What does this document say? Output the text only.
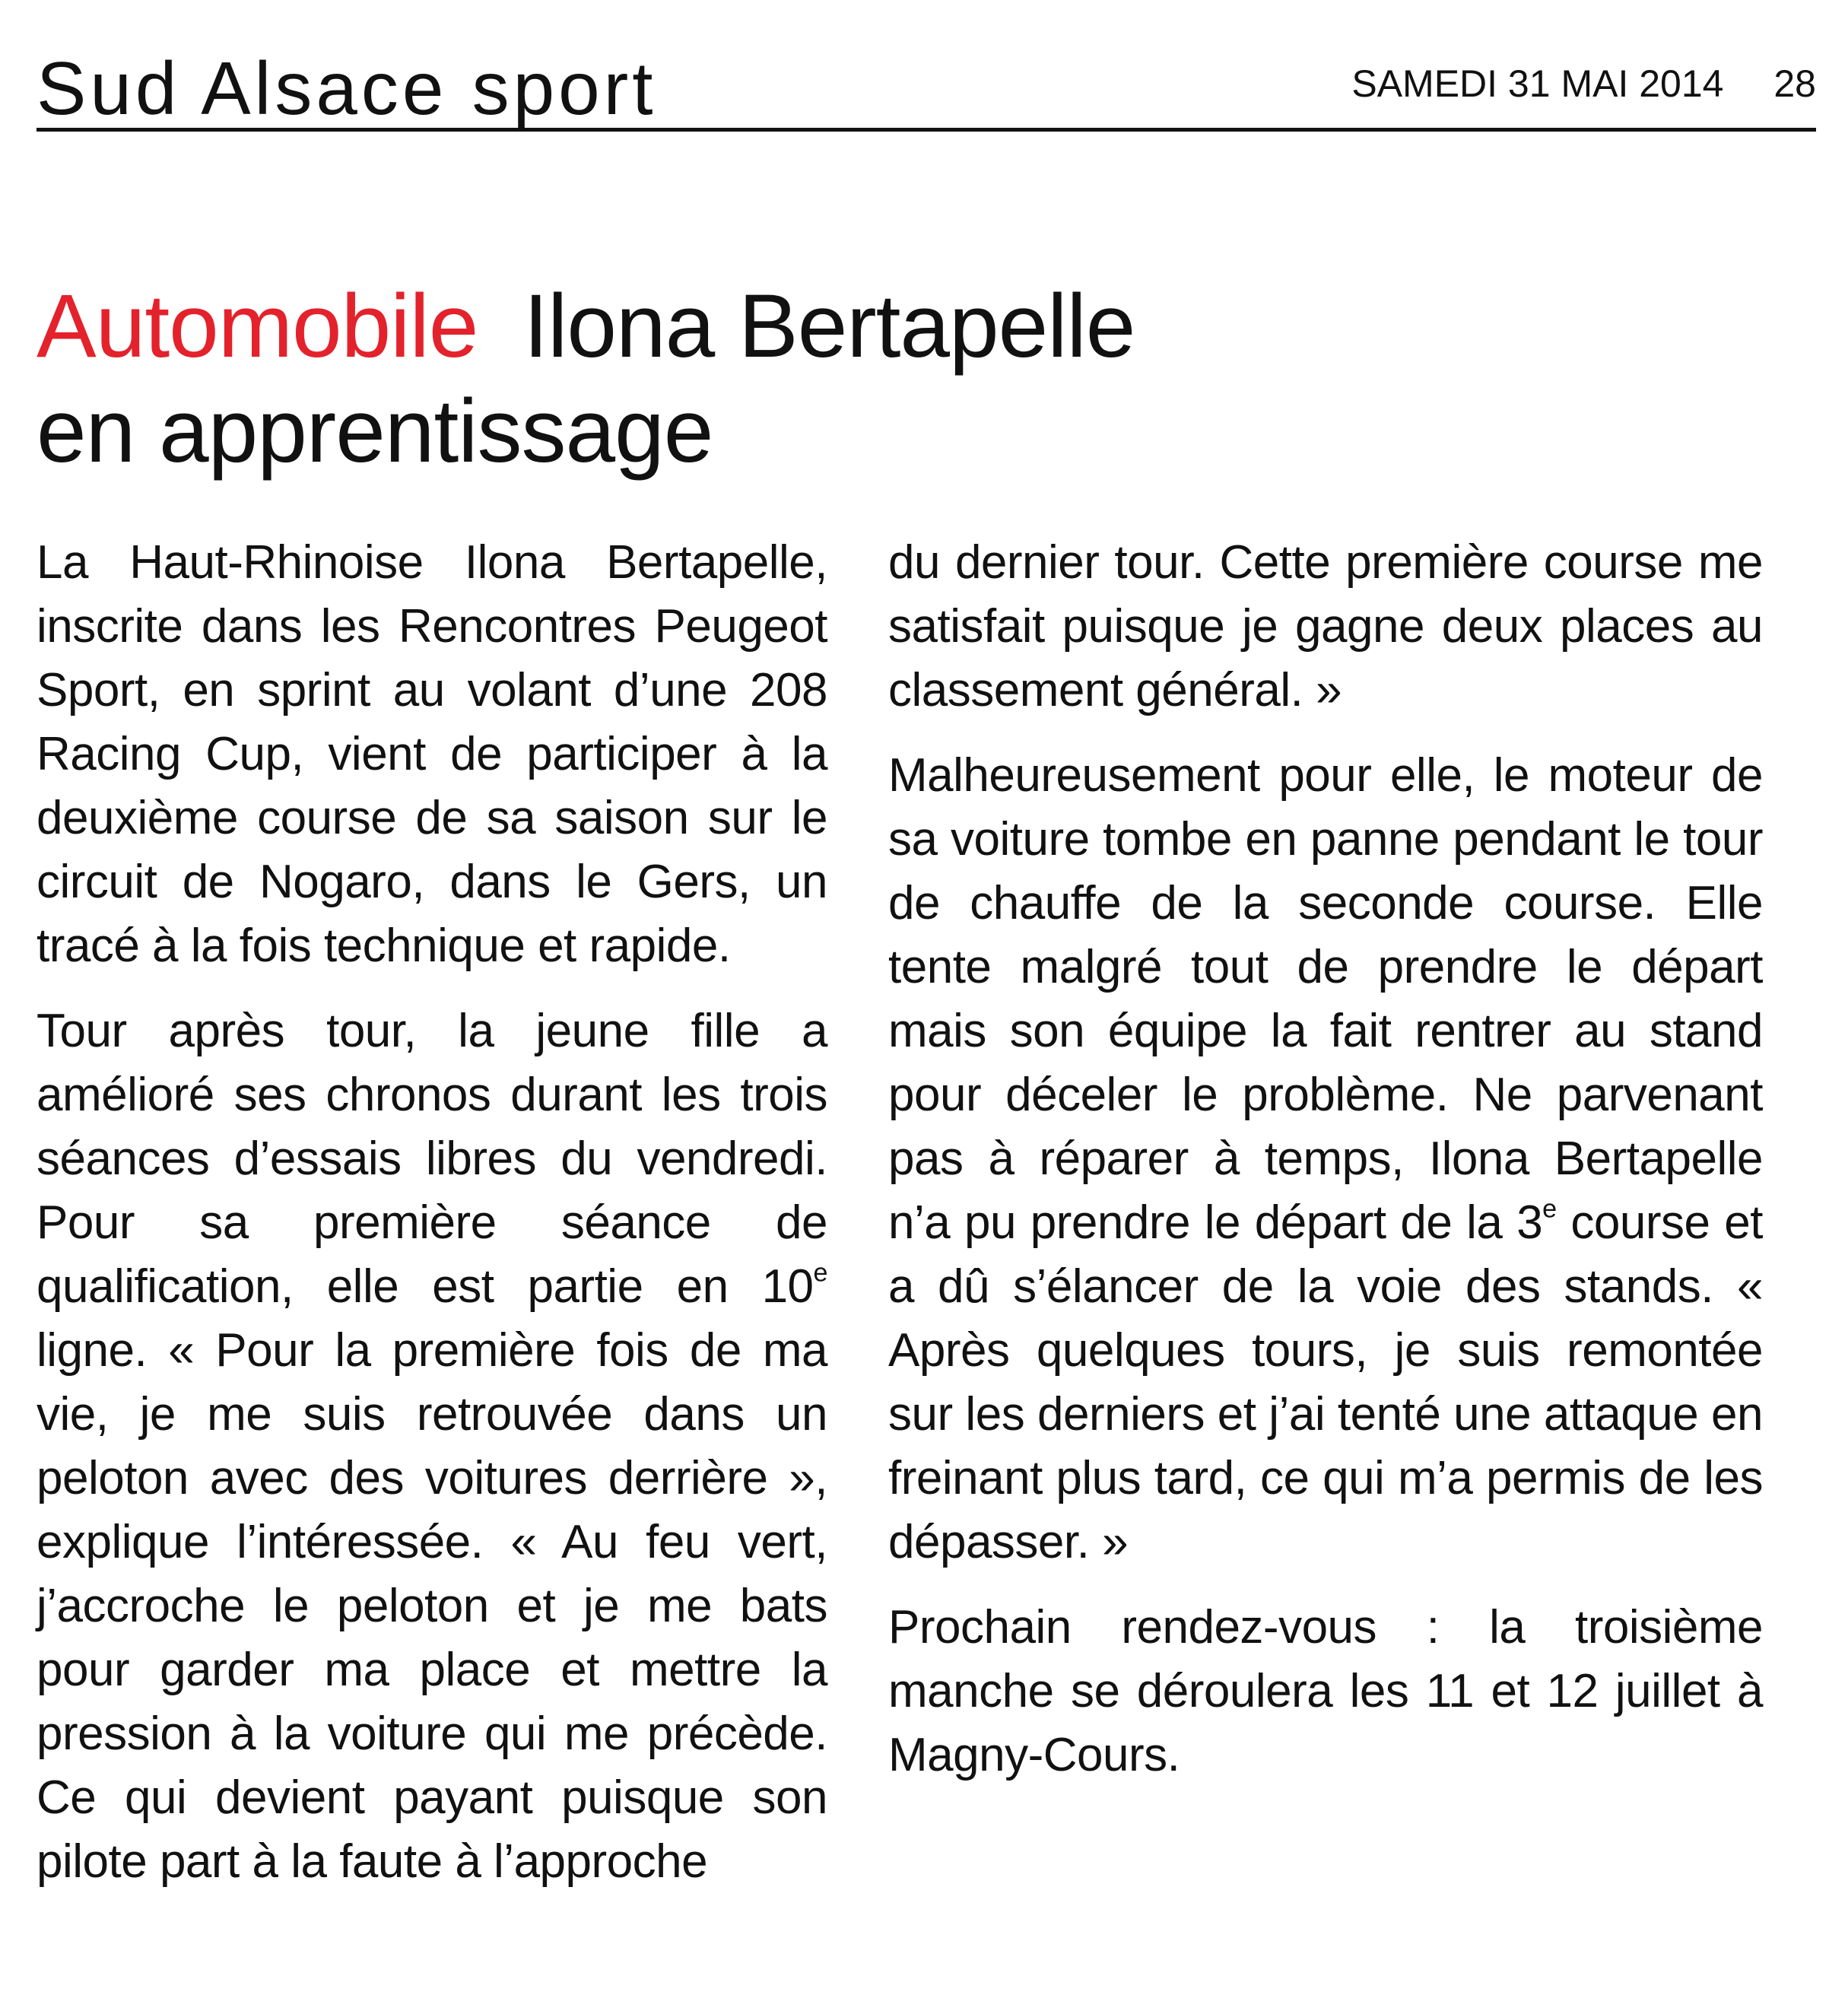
Sud Alsace sport	SAMEDI 31 MAI 2014 28
Automobile Ilona Bertapelle
en apprentissage

La Haut-Rhinoise Ilona Bertapelle, inscrite dans les Rencontres Peugeot Sport, en sprint au volant d’une 208 Racing Cup, vient de participer à la deuxième course de sa saison sur le circuit de Nogaro, dans le Gers, un tracé à la fois technique et rapide.

Tour après tour, la jeune fille a amélioré ses chronos durant les trois séances d’essais libres du vendredi. Pour sa première séance de qualification, elle est partie en 10e ligne. « Pour la première fois de ma vie, je me suis retrouvée dans un peloton avec des voitures derrière », explique l’intéressée. « Au feu vert, j’accroche le peloton et je me bats pour garder ma place et mettre la pression à la voiture qui me précède. Ce qui devient payant puisque son pilote part à la faute à l’approche

du dernier tour. Cette première course me satisfait puisque je gagne deux places au classement général. »

Malheureusement pour elle, le moteur de sa voiture tombe en panne pendant le tour de chauffe de la seconde course. Elle tente malgré tout de prendre le départ mais son équipe la fait rentrer au stand pour déceler le problème. Ne parvenant pas à réparer à temps, Ilona Bertapelle n’a pu prendre le départ de la 3e course et a dû s’élancer de la voie des stands. « Après quelques tours, je suis remontée sur les derniers et j’ai tenté une attaque en freinant plus tard, ce qui m’a permis de les dépasser. »

Prochain rendez-vous : la troisième manche se déroulera les 11 et 12 juillet à Magny-Cours.
